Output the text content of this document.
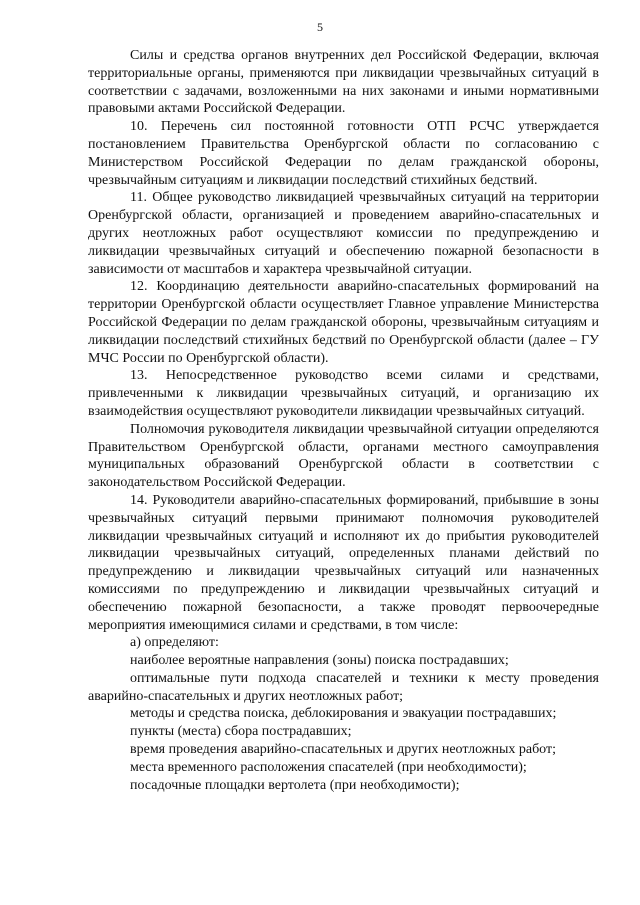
5

Силы и средства органов внутренних дел Российской Федерации, включая территориальные органы, применяются при ликвидации чрезвычайных ситуаций в соответствии с задачами, возложенными на них законами и иными нормативными правовыми актами Российской Федерации.

10. Перечень сил постоянной готовности ОТП РСЧС утверждается постановлением Правительства Оренбургской области по согласованию с Министерством Российской Федерации по делам гражданской обороны, чрезвычайным ситуациям и ликвидации последствий стихийных бедствий.

11. Общее руководство ликвидацией чрезвычайных ситуаций на территории Оренбургской области, организацией и проведением аварийно-спасательных и других неотложных работ осуществляют комиссии по предупреждению и ликвидации чрезвычайных ситуаций и обеспечению пожарной безопасности в зависимости от масштабов и характера чрезвычайной ситуации.

12. Координацию деятельности аварийно-спасательных формирований на территории Оренбургской области осуществляет Главное управление Министерства Российской Федерации по делам гражданской обороны, чрезвычайным ситуациям и ликвидации последствий стихийных бедствий по Оренбургской области (далее – ГУ МЧС России по Оренбургской области).

13. Непосредственное руководство всеми силами и средствами, привлеченными к ликвидации чрезвычайных ситуаций, и организацию их взаимодействия осуществляют руководители ликвидации чрезвычайных ситуаций.

Полномочия руководителя ликвидации чрезвычайной ситуации определяются Правительством Оренбургской области, органами местного самоуправления муниципальных образований Оренбургской области в соответствии с законодательством Российской Федерации.

14. Руководители аварийно-спасательных формирований, прибывшие в зоны чрезвычайных ситуаций первыми принимают полномочия руководителей ликвидации чрезвычайных ситуаций и исполняют их до прибытия руководителей ликвидации чрезвычайных ситуаций, определенных планами действий по предупреждению и ликвидации чрезвычайных ситуаций или назначенных комиссиями по предупреждению и ликвидации чрезвычайных ситуаций и обеспечению пожарной безопасности, а также проводят первоочередные мероприятия имеющимися силами и средствами, в том числе:

а) определяют:

наиболее вероятные направления (зоны) поиска пострадавших;

оптимальные пути подхода спасателей и техники к месту проведения аварийно-спасательных и других неотложных работ;

методы и средства поиска, деблокирования и эвакуации пострадавших;

пункты (места) сбора пострадавших;

время проведения аварийно-спасательных и других неотложных работ;

места временного расположения спасателей (при необходимости);

посадочные площадки вертолета (при необходимости);
